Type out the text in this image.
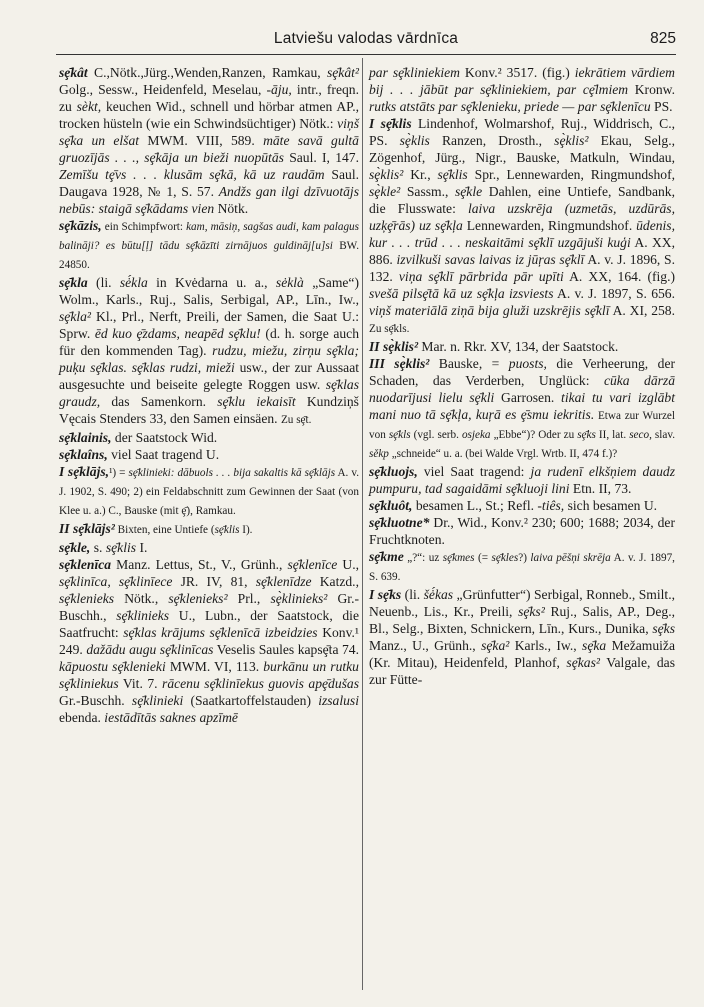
Latviešu valodas vārdnīca	825
sȩ̄kât C.,Nötk.,Jürg.,Wenden,Ranzen, Ramkau, sȩ̄kât² Golg., Sessw., Heidenfeld, Meselau, -āju, intr., freqn. zu sèkt, keuchen Wid., schnell und hörbar atmen AP., trocken hüsteln (wie ein Schwindsüchtiger) Nötk.: viņš sȩ̄ka un elšat MWM. VIII, 589. māte savā gultā gruozījās . . ., sȩ̄kāja un bieži nuopūtās Saul. I, 147. Zemīšu tȩ̄vs . . . klusām sȩ̄kā, kā uz raudām Saul. Daugava 1928, № 1, S. 57. Andžs gan ilgi dzīvuotājs nebūs: staigā sȩ̄kādams vien Nötk.
sȩ̄kāzis, ein Schimpfwort: kam, māsiņ, sagšas audi, kam palagus balināji? es būtu[ļ] tādu sȩ̄kāzīti zirnājuos guldināj[u]si BW. 24850.
sȩ̄kla (li. sė́kla in Kvėdarna u. a., sėklà „Same“) Wolm., Karls., Ruj., Salis, Serbigal, AP., Līn., Iw., sȩ̄kla² Kl., Prl., Nerft, Preili, der Samen, die Saat U.: Sprw. ēd kuo ȩ̄zdams, neapēd sȩ̄klu! (d. h. sorge auch für den kommenden Tag). rudzu, miežu, zirņu sȩ̄kla; puķu sȩ̄klas. sȩ̄klas rudzi, mieži usw., der zur Aussaat ausgesuchte und beiseite gelegte Roggen usw. sȩ̄klas graudz, das Samenkorn. sȩ̄klu iekaisīt Kundziņš Vęcais Stenders 33, den Samen einsäen. Zu sȩ̄t.
sȩ̄klainis, der Saatstock Wid.
sȩ̄klaîns, viel Saat tragend U.
I sȩ̄klājs,¹) = sȩ̄klinieki: dābuols . . . bija sakaltis kā sȩ̄klājs A. v. J. 1902, S. 490; 2) ein Feldabschnitt zum Gewinnen der Saat (von Klee u. a.) C., Bauske (mit ȩ̄), Ramkau.
II sȩ̄klājs² Bixten, eine Untiefe (sȩ̄klis I).
sȩ̄kle, s. sȩ̄klis I.
sȩ̄klenīca Manz. Lettus, St., V., Grünh., sȩ̄klenīce U., sȩ̄klinīca, sȩ̄klinīece JR. IV, 81, sȩ̄klenīdze Katzd., sȩ̄klenieks Nötk., sȩ̄klenieks² Prl., sȩ̀klinieks² Gr.-Buschh., sȩ̄klinieks U., Lubn., der Saatstock, die Saatfrucht: sȩ̄klas krājums sȩ̄klenīcā izbeidzies Konv.¹ 249. dažādu augu sȩ̄klinīcas Veselis Saules kapsȩ̄ta 74. kāpuostu sȩ̄klenieki MWM. VI, 113. burkānu un rutku sȩ̄kliniekus Vit. 7. rācenu sȩ̄klinīekus guovis apȩ̄dušas Gr.-Buschh. sȩ̄klinieki (Saatkartoffelstauden) izsalusi ebenda. iestādītās saknes apzīmē
par sȩ̄kliniekiem Konv.² 3517. (fig.) iekrātiem vārdiem bij . . . jābūt par sȩ̄kliniekiem, par cȩ̄lmiem Kronw. rutks atstāts par sȩ̄klenieku, priede — par sȩ̄klenīcu PS.
I sȩ̄klis Lindenhof, Wolmarshof, Ruj., Widdrisch, C., PS. sȩ̀klis Ranzen, Drosth., sȩ̀klis² Ekau, Selg., Zögenhof, Jürg., Nigr., Bauske, Matkuln, Windau, sȩ̀klis² Kr., sȩ̄klis Spr., Lennewarden, Ringmundshof, sȩ̀kle² Sassm., sȩ̄kle Dahlen, eine Untiefe, Sandbank, die Flusswate: laiva uzskrēja (uzmetās, uzdūrās, uzķȩ̄rās) uz sȩ̄kļa Lennewarden, Ringmundshof. ūdenis, kur . . . trūd . . . neskaitāmi sȩ̄klī uzgājuši kuģi A. XX, 886. izvilkuši savas laivas iz jūŗas sȩ̄klī A. v. J. 1896, S. 132. viņa sȩ̄klī pārbrida pār upīti A. XX, 164. (fig.) svešā pilsȩ̄tā kā uz sȩ̄kļa izsviests A. v. J. 1897, S. 656. viņš materiālā ziņā bija gluži uzskrējis sȩ̄klī A. XI, 258. Zu sȩ̄kls.
II sȩ̀klis² Mar. n. Rkr. XV, 134, der Saatstock.
III sȩ̀klis² Bauske, = puosts, die Verheerung, der Schaden, das Verderben, Unglück: cūka dārzā nuodarījusi lielu sȩ̄kli Garrosen. tikai tu vari izglābt mani nuo tā sȩ̄kļa, kuŗā es ȩ̄smu iekritis. Etwa zur Wurzel von sȩ̄kls (vgl. serb. osjeka „Ebbe“)? Oder zu sȩ̄ks II, lat. seco, slav. sěkp „schneide“ u. a. (bei Walde Vrgl. Wrtb. II, 474 f.)?
sȩ̄kluojs, viel Saat tragend: ja rudenī elkšņiem daudz pumpuru, tad sagaidāmi sȩ̄kluoji lini Etn. II, 73.
sȩ̄kluôt, besamen L., St.; Refl. -tiês, sich besamen U.
sȩ̄kluotne* Dr., Wid., Konv.² 230; 600; 1688; 2034, der Fruchtknoten.
sȩ̄kme „?“: uz sȩ̄kmes (= sȩ̄kles?) laiva pēšņi skrēja A. v. J. 1897, S. 639.
I sȩ̄ks (li. šė́kas „Grünfutter“) Serbigal, Ronneb., Smilt., Neuenb., Lis., Kr., Preili, sȩ̄ks² Ruj., Salis, AP., Deg., Bl., Selg., Bixten, Schnickern, Līn., Kurs., Dunika, sȩ̄ks Manz., U., Grünh., sȩ̄ka² Karls., Iw., sȩ̄ka Mežamuiža (Kr. Mitau), Heidenfeld, Planhof, sȩ̄kas² Valgale, das zur Fütte-
